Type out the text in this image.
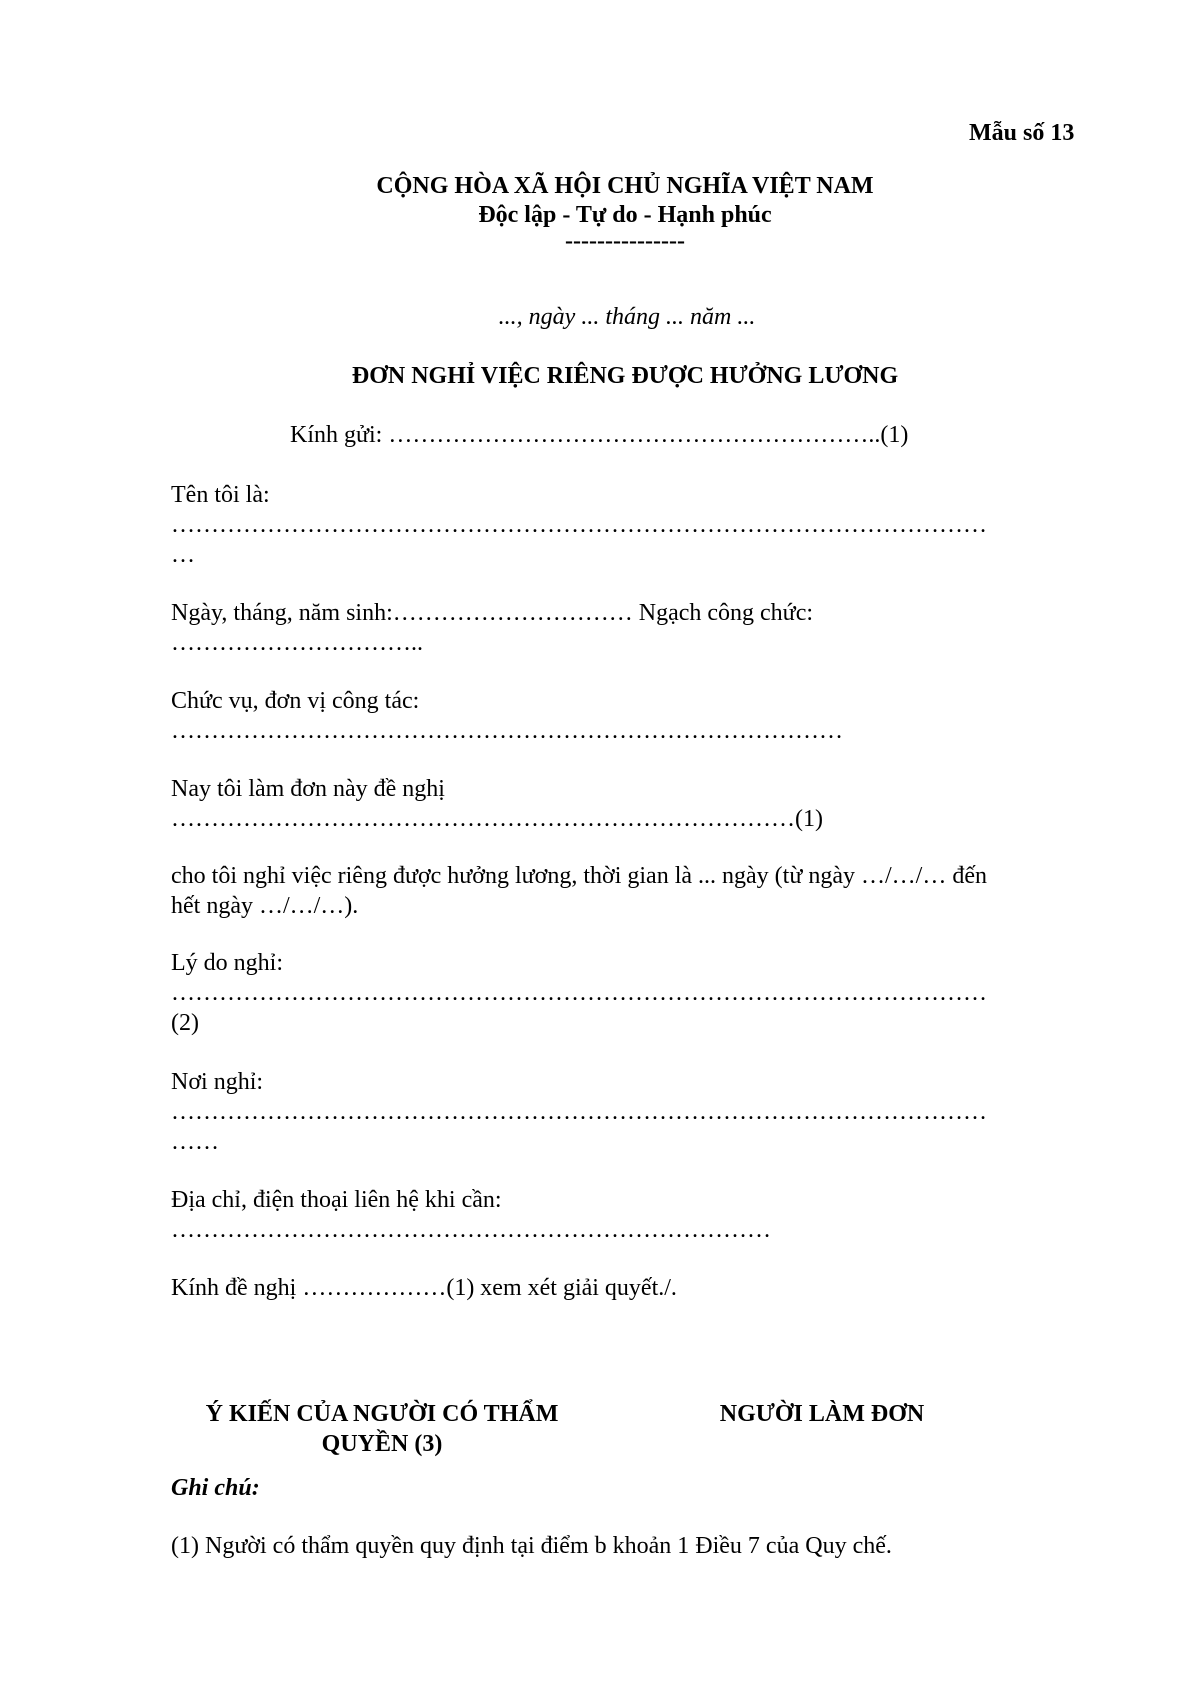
Mẫu số 13
CỘNG HÒA XÃ HỘI CHỦ NGHĨA VIỆT NAM
Độc lập - Tự do - Hạnh phúc
---------------
..., ngày ... tháng ... năm ...
ĐƠN NGHỈ VIỆC RIÊNG ĐƯỢC HƯỞNG LƯƠNG
Kính gửi: ……………………………………………………..(1)
Tên tôi là:
…………………………………………………………………………………………
…
Ngày, tháng, năm sinh:………………………… Ngạch công chức:
…………………………..
Chức vụ, đơn vị công tác:
…………………………………………………………………………
Nay tôi làm đơn này đề nghị
……………………………………………………………………(1)
cho tôi nghỉ việc riêng được hưởng lương, thời gian là ... ngày (từ ngày …/…/… đến
hết ngày …/…/…).
Lý do nghỉ:
…………………………………………………………………………………………
(2)
Nơi nghỉ:
…………………………………………………………………………………………
……
Địa chỉ, điện thoại liên hệ khi cần:
…………………………………………………………………
Kính đề nghị ………………(1) xem xét giải quyết./.
Ý KIẾN CỦA NGƯỜI CÓ THẨM
QUYỀN (3)
NGƯỜI LÀM ĐƠN
Ghi chú:
(1) Người có thẩm quyền quy định tại điểm b khoản 1 Điều 7 của Quy chế.
